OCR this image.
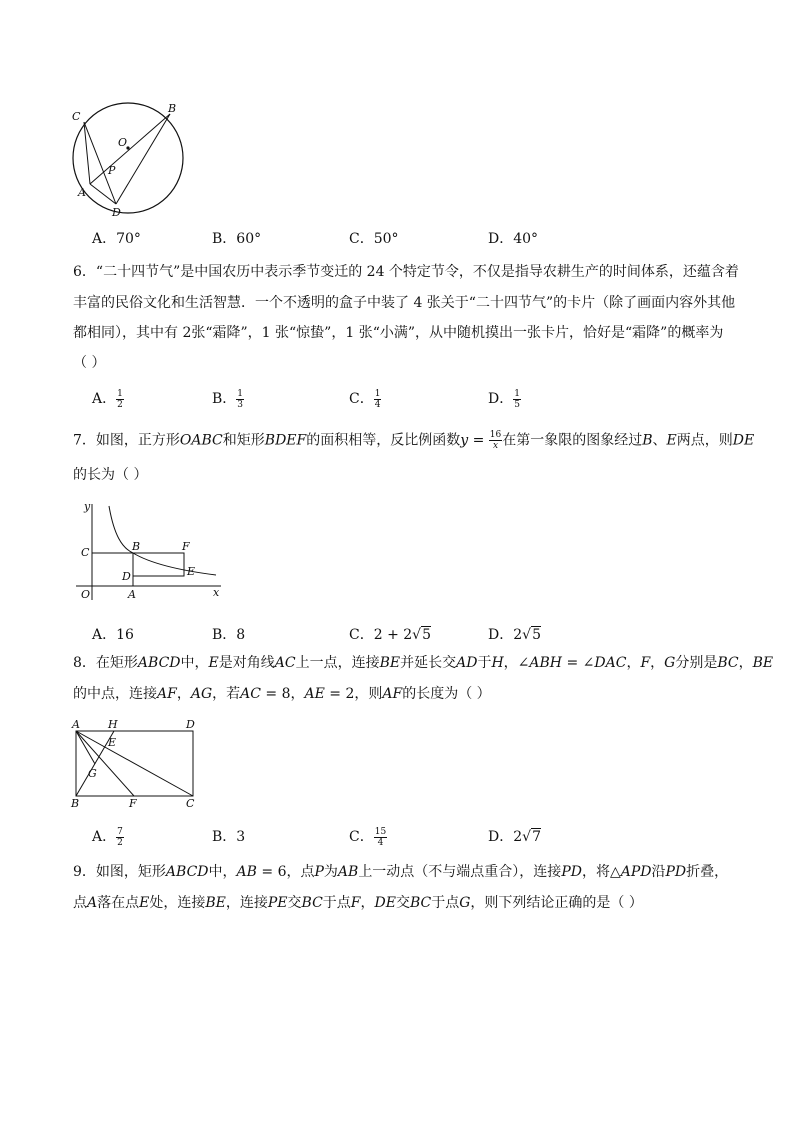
C
O
B
P
A
D
A．70°	B．60°	C．50°	D．40°
6．“二十四节气”是中国农历中表示季节变迁的 24 个特定节令，不仅是指导农耕生产的时间体系，还蕴含着
丰富的民俗文化和生活智慧．一个不透明的盒子中装了 4 张关于“二十四节气”的卡片（除了画面内容外其他
都相同），其中有 2张“霜降”，1 张“惊蛰”，1 张“小满”，从中随机摸出一张卡片，恰好是“霜降”的概率为
（ ）
A． $\frac{1}{2}$	B． $\frac{1}{3}$	C． $\frac{1}{4}$	D． $\frac{1}{5}$
7．如图，正方形OABC和矩形BDEF的面积相等，反比例函数$y = \frac{16}{x}$ 在第一象限的图象经过B、E两点，则DE
的长为（ ）
y
C	B	F
D	E
O	A	x
A．16	B．8	C．2 + 2√5	D．2√5
8．在矩形ABCD中，E是对角线AC上一点，连接BE并延长交AD于H，∠ABH = ∠DAC，F，G分别是BC，BE
的中点，连接AF，AG，若AC = 8，AE = 2，则AF的长度为（ ）
A	H	D
E
G
B	F	C
A． $\frac{7}{2}$	B．3	C． $\frac{15}{4}$	D．2√7
9．如图，矩形ABCD中，AB = 6，点P为AB上一动点（不与端点重合），连接PD，将△APD沿PD折叠，
点A落在点E处，连接BE，连接PE交BC于点F，DE交BC于点G，则下列结论正确的是（ ）
